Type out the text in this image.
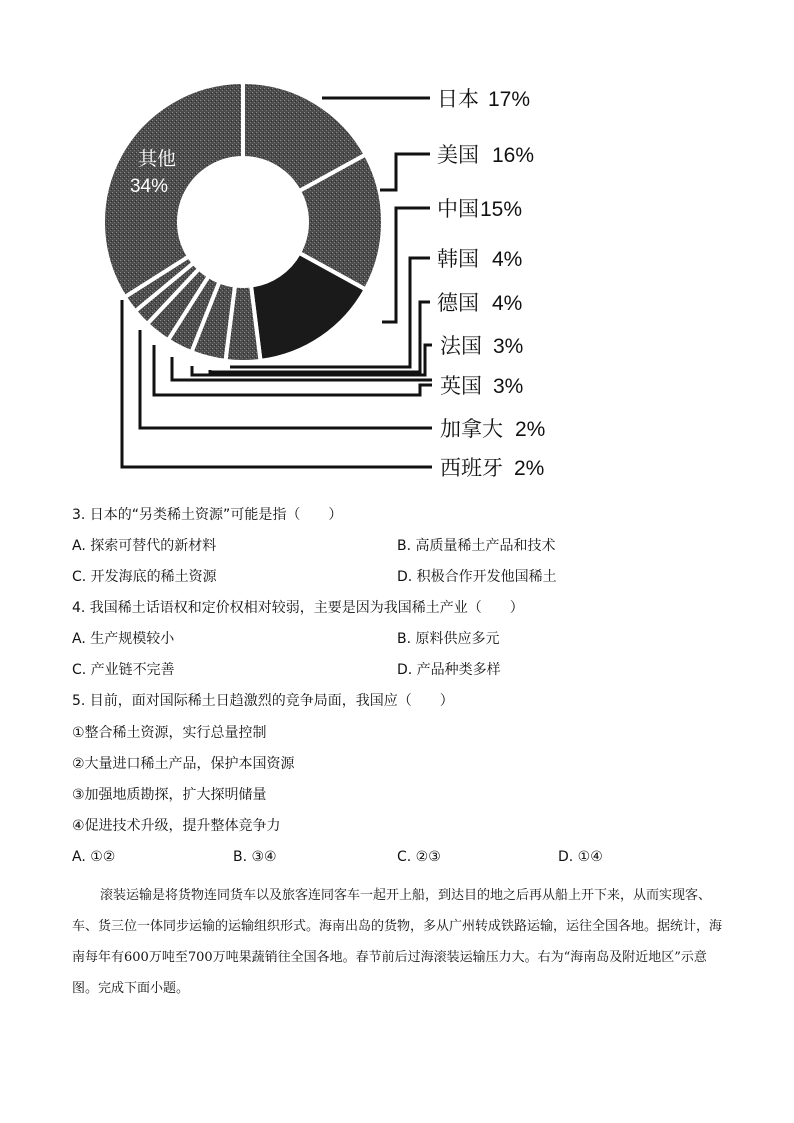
日本 17%
美国 16%
中国 15%
韩国 4%
德国 4%
法国 3%
英国 3%
加拿大 2%
西班牙 2%
其他
34%
3. 日本的“另类稀土资源”可能是指（　　）
A. 探索可替代的新材料	B. 高质量稀土产品和技术
C. 开发海底的稀土资源	D. 积极合作开发他国稀土
4. 我国稀土话语权和定价权相对较弱，主要是因为我国稀土产业（　　）
A. 生产规模较小	B. 原料供应多元
C. 产业链不完善	D. 产品种类多样
5. 目前，面对国际稀土日趋激烈的竞争局面，我国应（　　）
①整合稀土资源，实行总量控制
②大量进口稀土产品，保护本国资源
③加强地质勘探，扩大探明储量
④促进技术升级，提升整体竞争力
A. ①②	B. ③④	C. ②③	D. ①④
滚装运输是将货物连同货车以及旅客连同客车一起开上船，到达目的地之后再从船上开下来，从而实现客、车、货三位一体同步运输的运输组织形式。海南出岛的货物，多从广州转成铁路运输，运往全国各地。据统计，海南每年有600万吨至700万吨果蔬销往全国各地。春节前后过海滚装运输压力大。右为“海南岛及附近地区”示意图。完成下面小题。
